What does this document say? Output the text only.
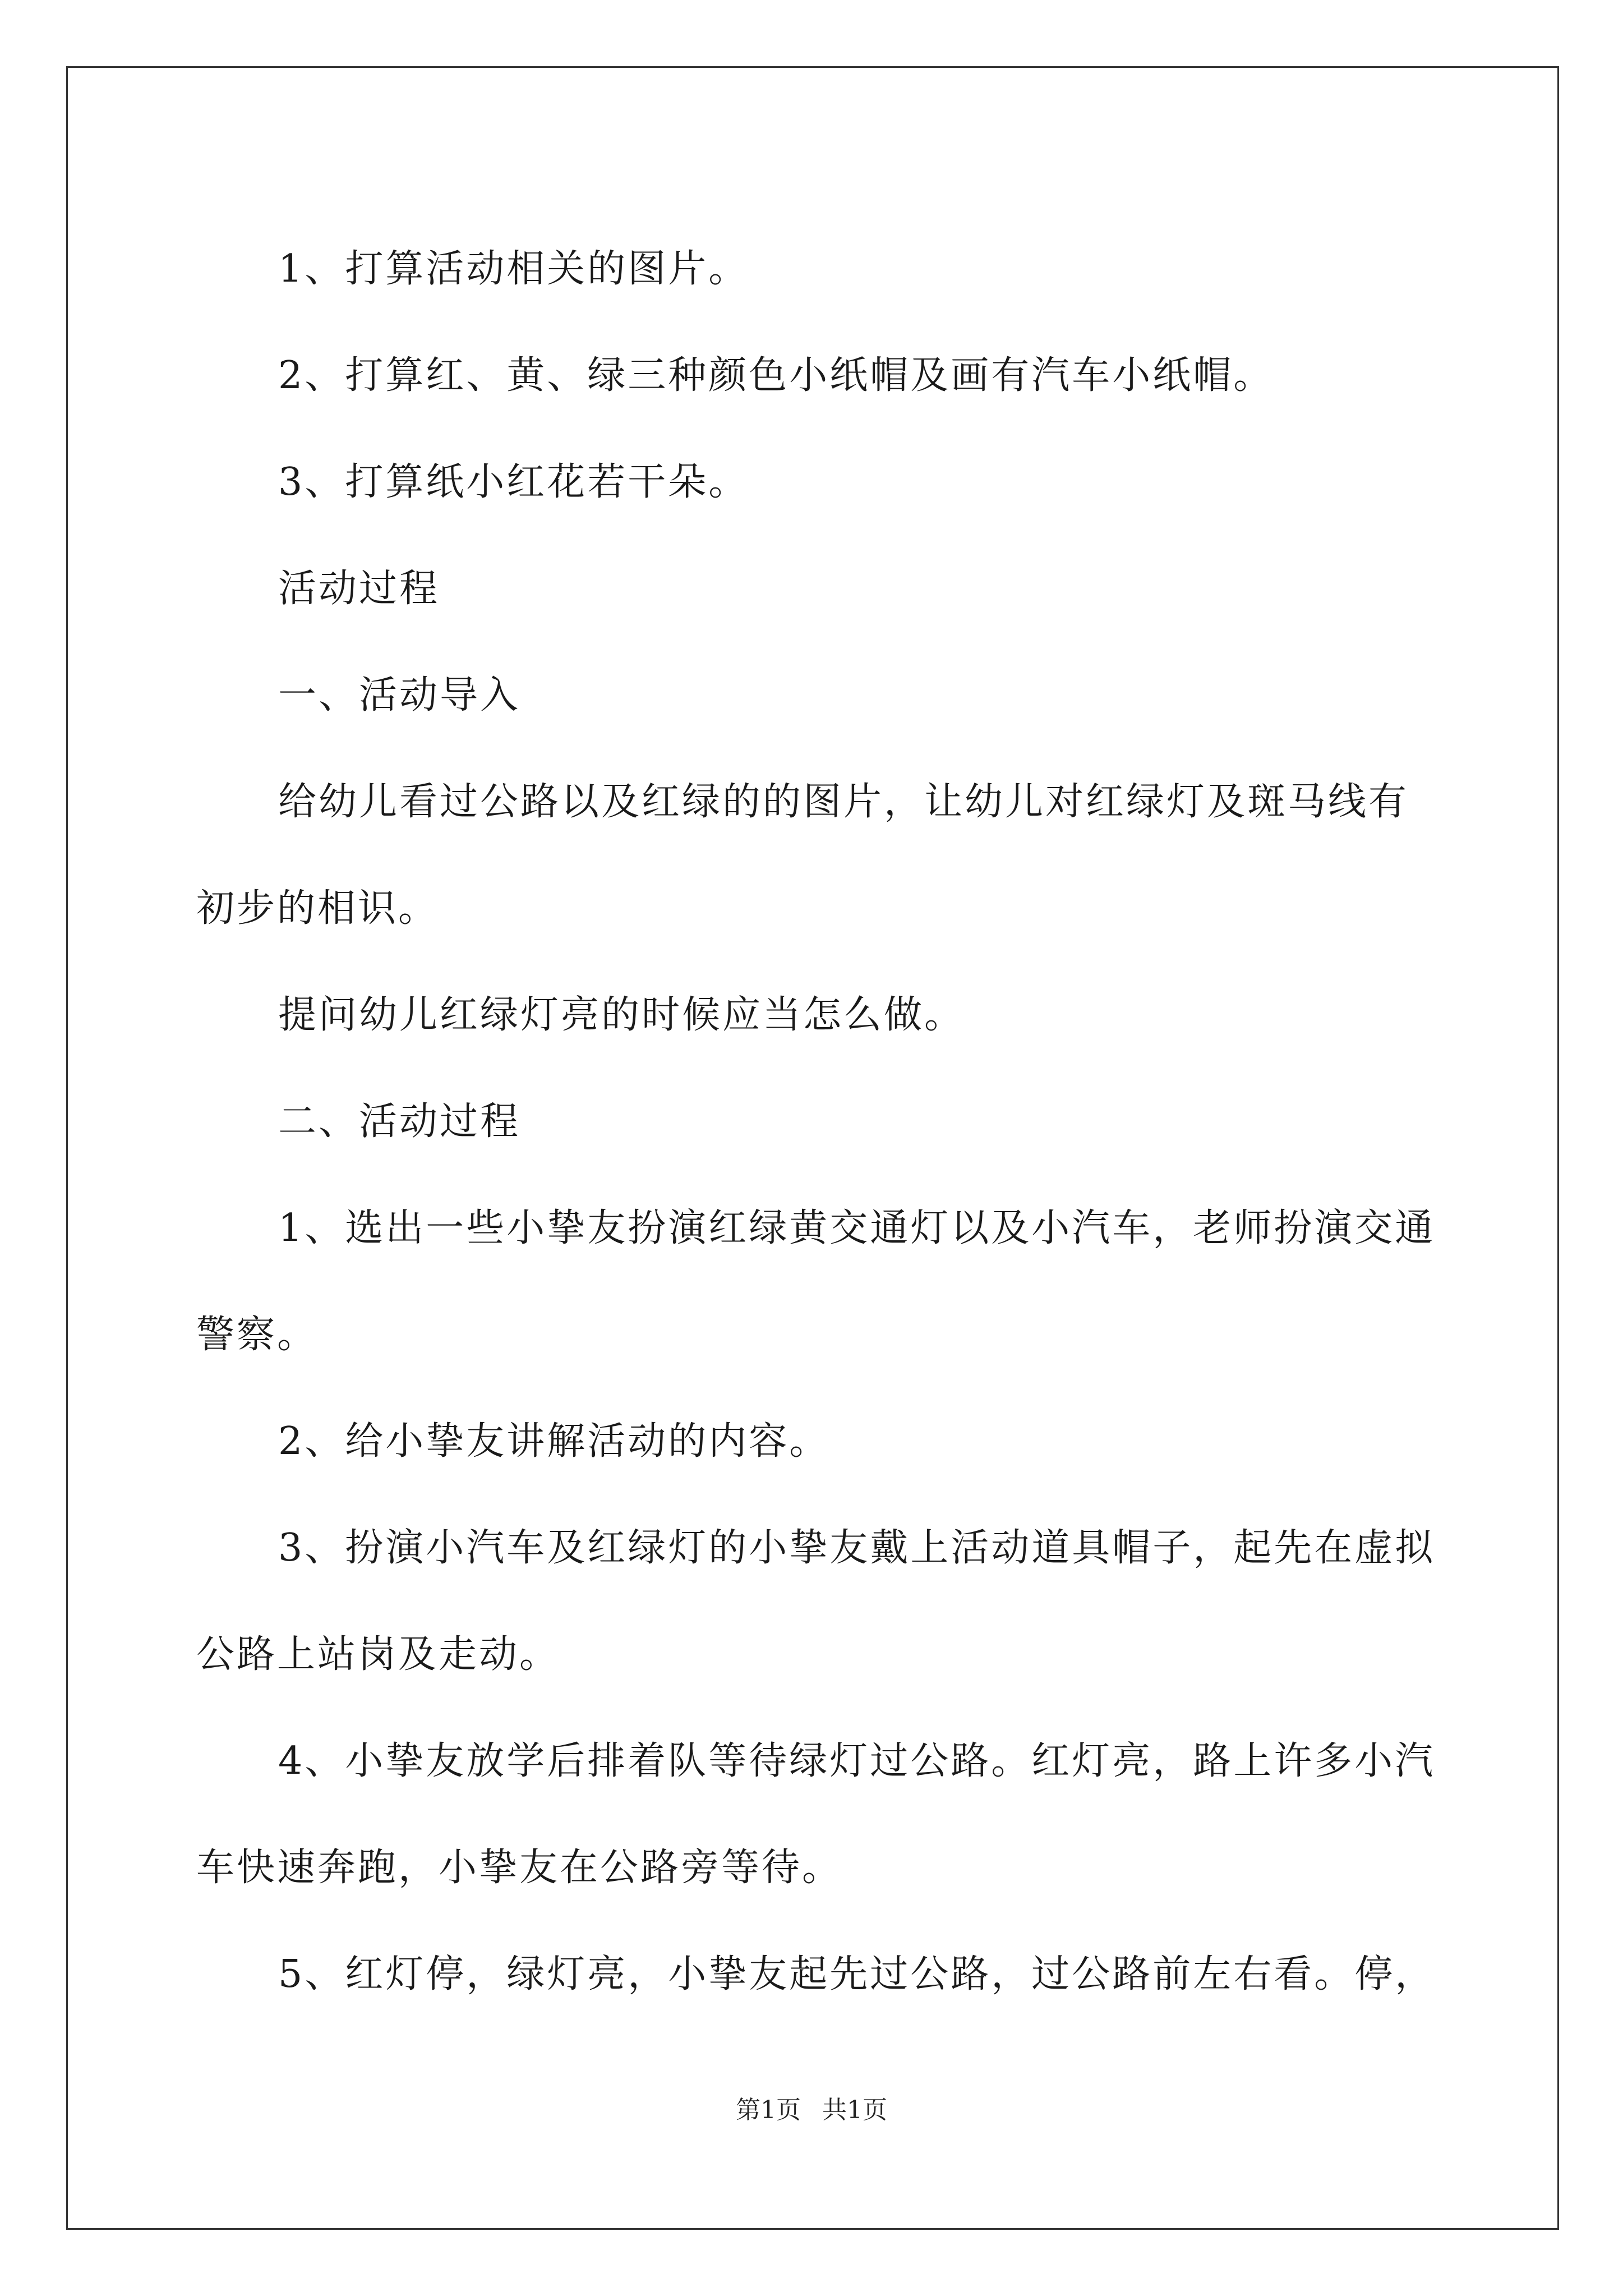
1、打算活动相关的图片。

2、打算红、黄、绿三种颜色小纸帽及画有汽车小纸帽。

3、打算纸小红花若干朵。

活动过程

一、活动导入

给幼儿看过公路以及红绿的的图片，让幼儿对红绿灯及斑马线有初步的相识。

提问幼儿红绿灯亮的时候应当怎么做。

二、活动过程

1、选出一些小挚友扮演红绿黄交通灯以及小汽车，老师扮演交通警察。

2、给小挚友讲解活动的内容。

3、扮演小汽车及红绿灯的小挚友戴上活动道具帽子，起先在虚拟公路上站岗及走动。

4、小挚友放学后排着队等待绿灯过公路。红灯亮，路上许多小汽车快速奔跑，小挚友在公路旁等待。

5、红灯停，绿灯亮，小挚友起先过公路，过公路前左右看。停，

第1页 共1页
